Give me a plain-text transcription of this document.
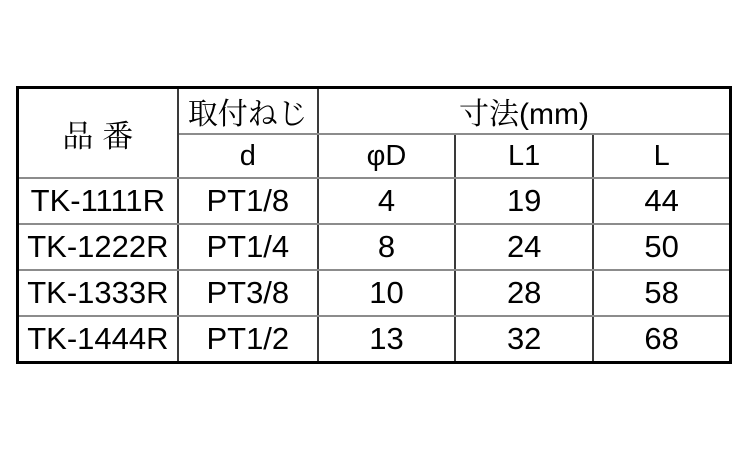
品番	取付ねじ	寸法(mm)		
	d	φD	L1	L
TK-1111R	PT1/8	4	19	44
TK-1222R	PT1/4	8	24	50
TK-1333R	PT3/8	10	28	58
TK-1444R	PT1/2	13	32	68
